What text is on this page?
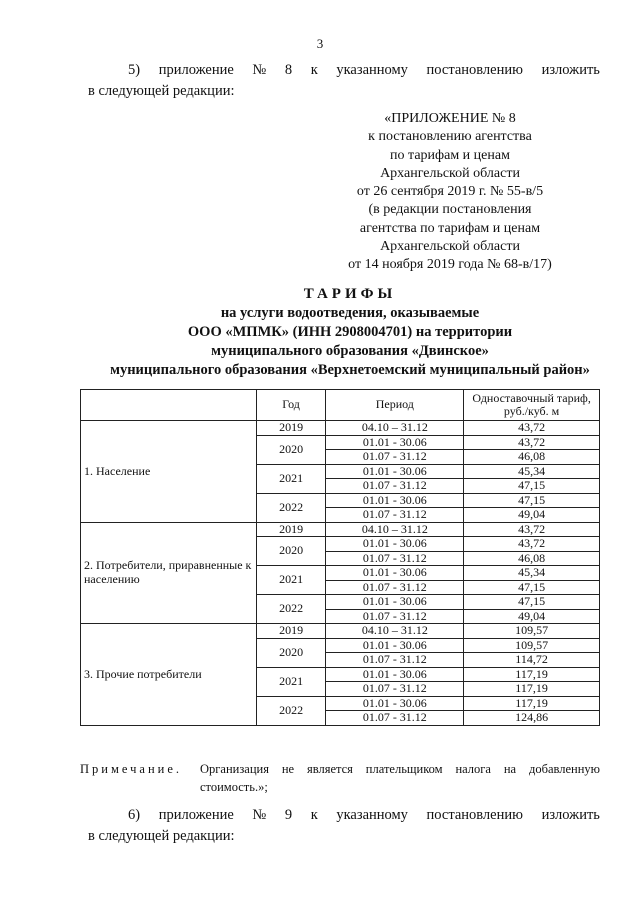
3
5) приложение № 8 к указанному постановлению изложить
в следующей редакции:
«ПРИЛОЖЕНИЕ № 8
к постановлению агентства
по тарифам и ценам
Архангельской области
от 26 сентября 2019 г. № 55-в/5
(в редакции постановления
агентства по тарифам и ценам
Архангельской области
от 14 ноября 2019 года № 68-в/17)
ТАРИФЫ
на услуги водоотведения, оказываемые
ООО «МПМК» (ИНН 2908004701) на территории
муниципального образования «Двинское»
муниципального образования «Верхнетоемский муниципальный район»
	Год	Период	Одноставочный тариф, руб./куб. м
1. Население	2019	04.10 – 31.12	43,72
	2020	01.01 - 30.06	43,72
		01.07 - 31.12	46,08
	2021	01.01 - 30.06	45,34
		01.07 - 31.12	47,15
	2022	01.01 - 30.06	47,15
		01.07 - 31.12	49,04
2. Потребители, приравненные к населению	2019	04.10 – 31.12	43,72
	2020	01.01 - 30.06	43,72
		01.07 - 31.12	46,08
	2021	01.01 - 30.06	45,34
		01.07 - 31.12	47,15
	2022	01.01 - 30.06	47,15
		01.07 - 31.12	49,04
3. Прочие потребители	2019	04.10 – 31.12	109,57
	2020	01.01 - 30.06	109,57
		01.07 - 31.12	114,72
	2021	01.01 - 30.06	117,19
		01.07 - 31.12	117,19
	2022	01.01 - 30.06	117,19
		01.07 - 31.12	124,86
Примечание. Организация не является плательщиком налога на добавленную
стоимость.»;
6) приложение № 9 к указанному постановлению изложить
в следующей редакции:
